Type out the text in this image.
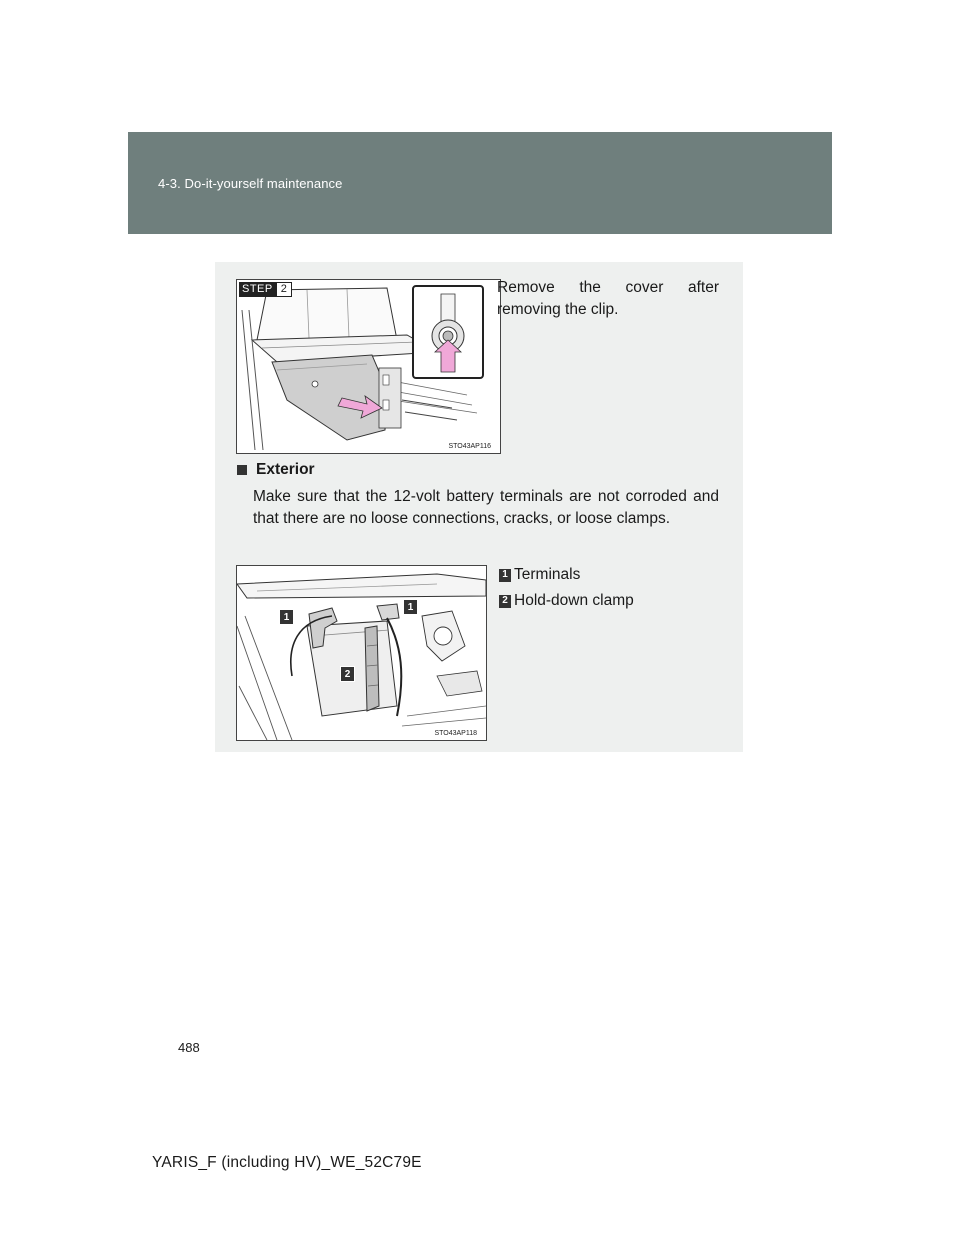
4-3. Do-it-yourself maintenance
STEP 2
STO43AP116
Remove the cover after removing the clip.
Exterior
Make sure that the 12-volt battery terminals are not corroded and that there are no loose connections, cracks, or loose clamps.
1
1
2
STO43AP118
1 Terminals
2 Hold-down clamp
488
YARIS_F (including HV)_WE_52C79E
